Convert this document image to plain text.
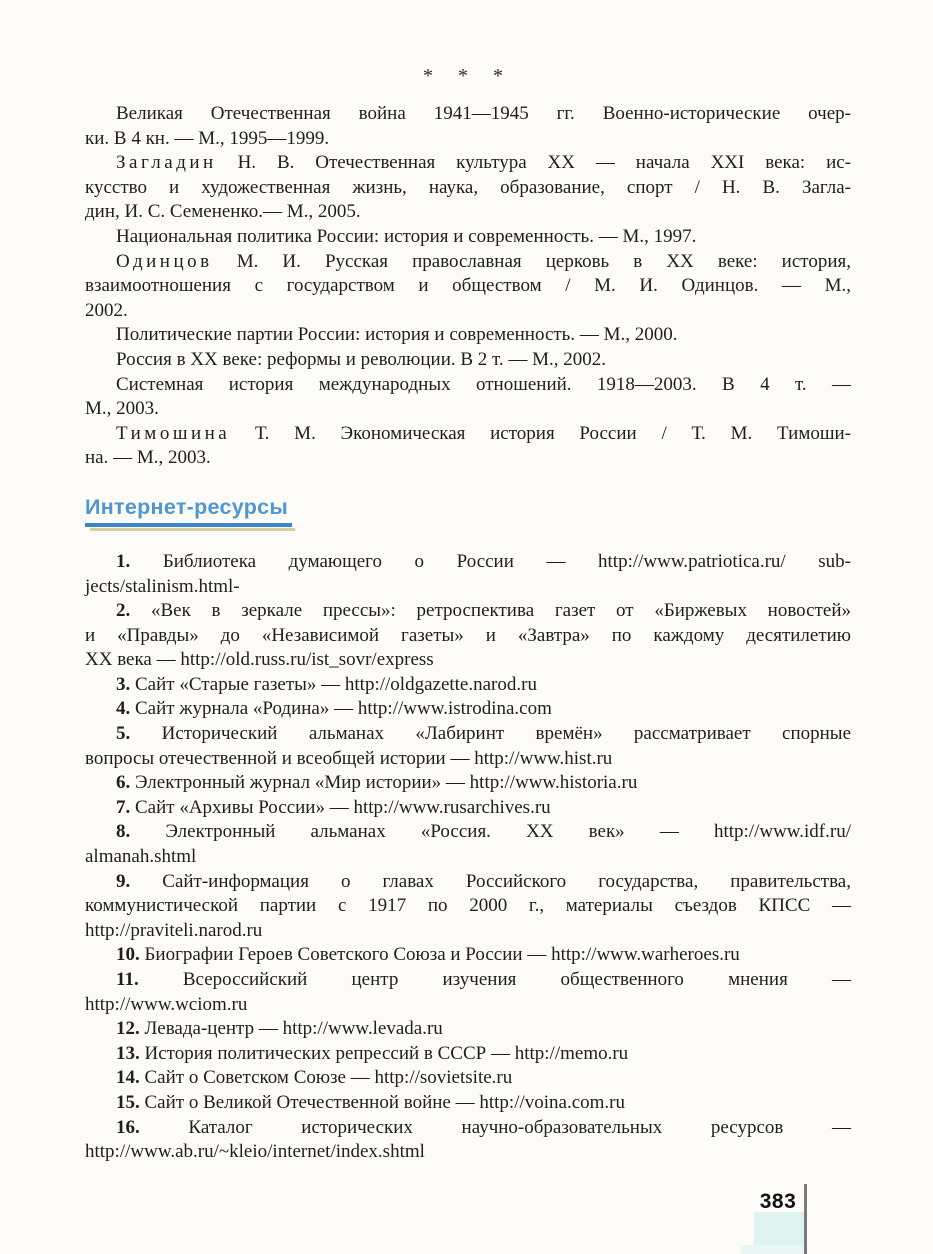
* * *
Великая Отечественная война 1941—1945 гг. Военно-исторические очер-
ки. В 4 кн. — М., 1995—1999.
Загладин Н. В. Отечественная культура XX — начала XXI века: ис-
кусство и художественная жизнь, наука, образование, спорт / Н. В. Загла-
дин, И. С. Семененко.— М., 2005.
Национальная политика России: история и современность. — М., 1997.
Одинцов М. И. Русская православная церковь в XX веке: история,
взаимоотношения с государством и обществом / М. И. Одинцов. — М.,
2002.
Политические партии России: история и современность. — М., 2000.
Россия в XX веке: реформы и революции. В 2 т. — М., 2002.
Системная история международных отношений. 1918—2003. В 4 т. —
М., 2003.
Тимошина Т. М. Экономическая история России / Т. М. Тимоши-
на. — М., 2003.
Интернет-ресурсы
1. Библиотека думающего о России — http://www.patriotica.ru/ sub-
jects/stalinism.html-
2. «Век в зеркале прессы»: ретроспектива газет от «Биржевых новостей»
и «Правды» до «Независимой газеты» и «Завтра» по каждому десятилетию
XX века — http://old.russ.ru/ist_sovr/express
3. Сайт «Старые газеты» — http://oldgazette.narod.ru
4. Сайт журнала «Родина» — http://www.istrodina.com
5. Исторический альманах «Лабиринт времён» рассматривает спорные
вопросы отечественной и всеобщей истории — http://www.hist.ru
6. Электронный журнал «Мир истории» — http://www.historia.ru
7. Сайт «Архивы России» — http://www.rusarchives.ru
8. Электронный альманах «Россия. XX век» — http://www.idf.ru/
almanah.shtml
9. Сайт-информация о главах Российского государства, правительства,
коммунистической партии с 1917 по 2000 г., материалы съездов КПСС —
http://praviteli.narod.ru
10. Биографии Героев Советского Союза и России — http://www.warheroes.ru
11. Всероссийский центр изучения общественного мнения —
http://www.wciom.ru
12. Левада-центр — http://www.levada.ru
13. История политических репрессий в СССР — http://memo.ru
14. Сайт о Советском Союзе — http://sovietsite.ru
15. Сайт о Великой Отечественной войне — http://voina.com.ru
16. Каталог исторических научно-образовательных ресурсов —
http://www.ab.ru/~kleio/internet/index.shtml
383
